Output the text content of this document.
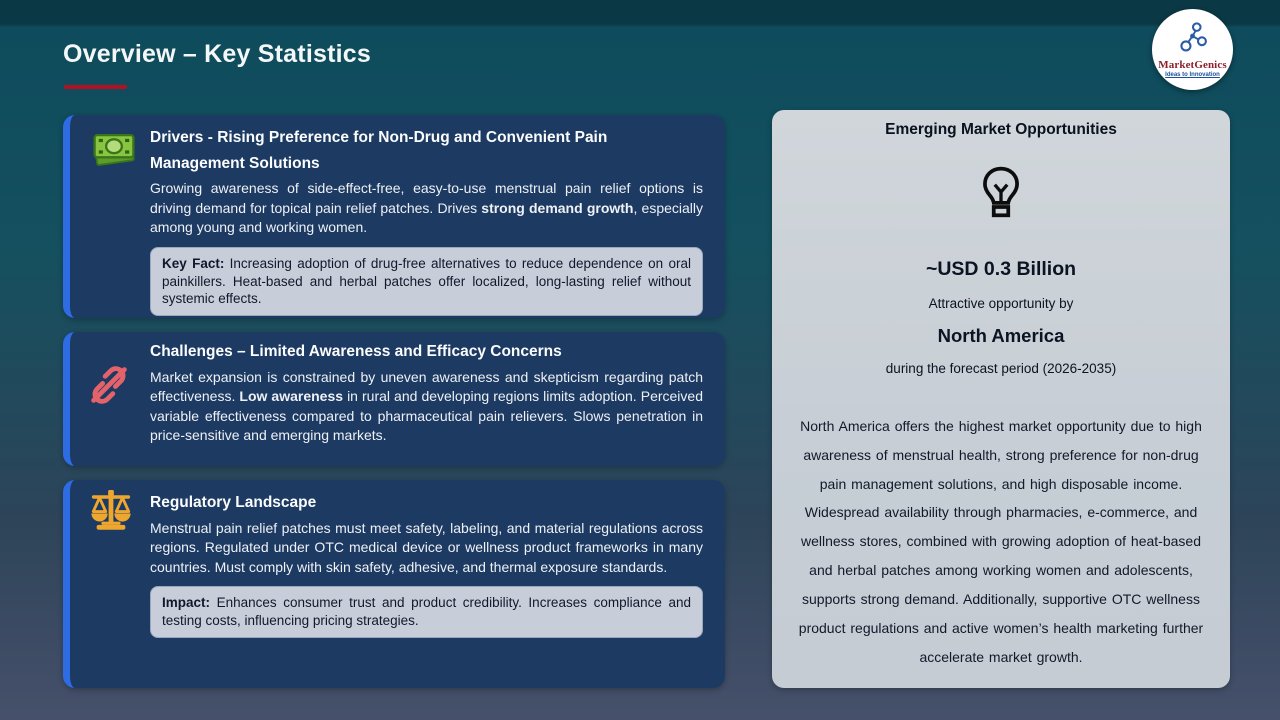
Overview – Key Statistics	MarketGenics
Ideas to Innovation
Drivers - Rising Preference for Non-Drug and Convenient Pain Management Solutions
Growing awareness of side-effect-free, easy-to-use menstrual pain relief options is driving demand for topical pain relief patches. Drives strong demand growth, especially among young and working women.
Key Fact: Increasing adoption of drug-free alternatives to reduce dependence on oral painkillers. Heat-based and herbal patches offer localized, long-lasting relief without systemic effects.
Challenges – Limited Awareness and Efficacy Concerns
Market expansion is constrained by uneven awareness and skepticism regarding patch effectiveness. Low awareness in rural and developing regions limits adoption. Perceived variable effectiveness compared to pharmaceutical pain relievers. Slows penetration in price-sensitive and emerging markets.
Regulatory Landscape
Menstrual pain relief patches must meet safety, labeling, and material regulations across regions. Regulated under OTC medical device or wellness product frameworks in many countries. Must comply with skin safety, adhesive, and thermal exposure standards.
Impact: Enhances consumer trust and product credibility. Increases compliance and testing costs, influencing pricing strategies.
Emerging Market Opportunities
~USD 0.3 Billion
Attractive opportunity by
North America
during the forecast period (2026-2035)
North America offers the highest market opportunity due to high awareness of menstrual health, strong preference for non-drug pain management solutions, and high disposable income. Widespread availability through pharmacies, e-commerce, and wellness stores, combined with growing adoption of heat-based and herbal patches among working women and adolescents, supports strong demand. Additionally, supportive OTC wellness product regulations and active women’s health marketing further accelerate market growth.
